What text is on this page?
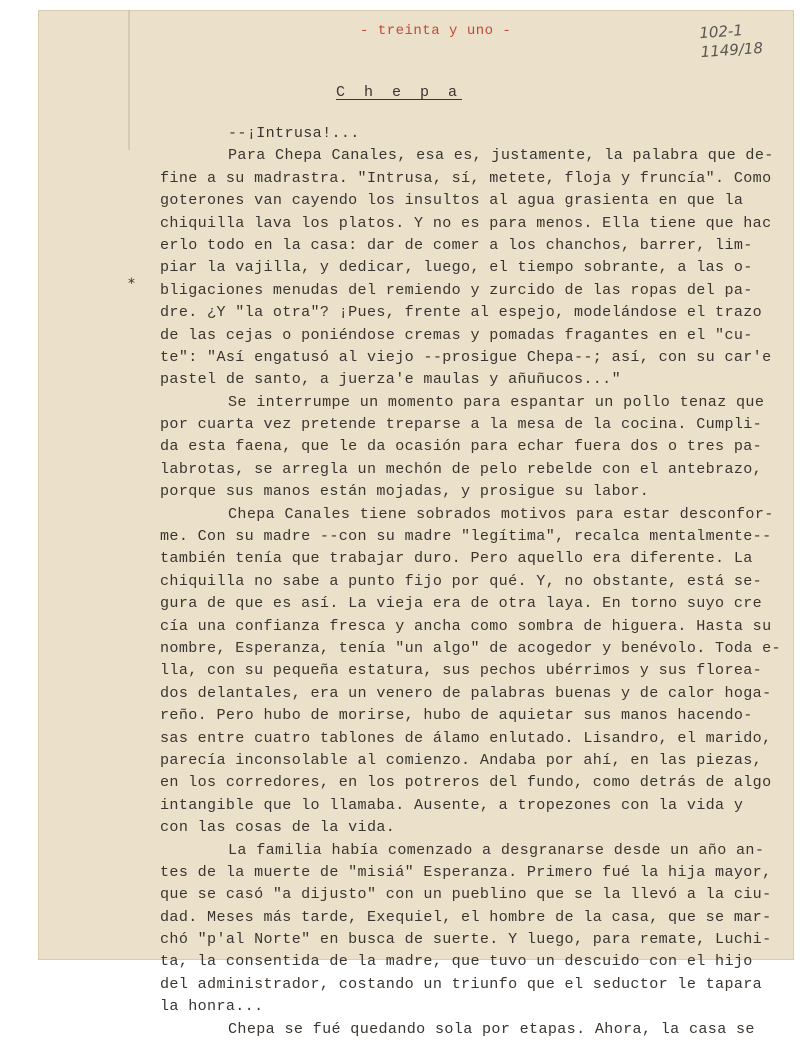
- treinta y uno -	102-1
1149/18
C h e p a
*
--¡Intrusa!...
Para Chepa Canales, esa es, justamente, la palabra que de-
fine a su madrastra. "Intrusa, sí, metete, floja y fruncía". Como
goterones van cayendo los insultos al agua grasienta en que la
chiquilla lava los platos. Y no es para menos. Ella tiene que hac
erlo todo en la casa: dar de comer a los chanchos, barrer, lim-
piar la vajilla, y dedicar, luego, el tiempo sobrante, a las o-
bligaciones menudas del remiendo y zurcido de las ropas del pa-
dre. ¿Y "la otra"? ¡Pues, frente al espejo, modelándose el trazo
de las cejas o poniéndose cremas y pomadas fragantes en el "cu-
te": "Así engatusó al viejo --prosigue Chepa--; así, con su car'e
pastel de santo, a juerza'e maulas y añuñucos..."
Se interrumpe un momento para espantar un pollo tenaz que
por cuarta vez pretende treparse a la mesa de la cocina. Cumpli-
da esta faena, que le da ocasión para echar fuera dos o tres pa-
labrotas, se arregla un mechón de pelo rebelde con el antebrazo,
porque sus manos están mojadas, y prosigue su labor.
Chepa Canales tiene sobrados motivos para estar desconfor-
me. Con su madre --con su madre "legítima", recalca mentalmente--
también tenía que trabajar duro. Pero aquello era diferente. La
chiquilla no sabe a punto fijo por qué. Y, no obstante, está se-
gura de que es así. La vieja era de otra laya. En torno suyo cre
cía una confianza fresca y ancha como sombra de higuera. Hasta su
nombre, Esperanza, tenía "un algo" de acogedor y benévolo. Toda e-
lla, con su pequeña estatura, sus pechos ubérrimos y sus florea-
dos delantales, era un venero de palabras buenas y de calor hoga-
reño. Pero hubo de morirse, hubo de aquietar sus manos hacendo-
sas entre cuatro tablones de álamo enlutado. Lisandro, el marido,
parecía inconsolable al comienzo. Andaba por ahí, en las piezas,
en los corredores, en los potreros del fundo, como detrás de algo
intangible que lo llamaba. Ausente, a tropezones con la vida y
con las cosas de la vida.
La familia había comenzado a desgranarse desde un año an-
tes de la muerte de "misiá" Esperanza. Primero fué la hija mayor,
que se casó "a dijusto" con un pueblino que se la llevó a la ciu-
dad. Meses más tarde, Exequiel, el hombre de la casa, que se mar-
chó "p'al Norte" en busca de suerte. Y luego, para remate, Luchi-
ta, la consentida de la madre, que tuvo un descuido con el hijo
del administrador, costando un triunfo que el seductor le tapara
la honra...
Chepa se fué quedando sola por etapas. Ahora, la casa se
